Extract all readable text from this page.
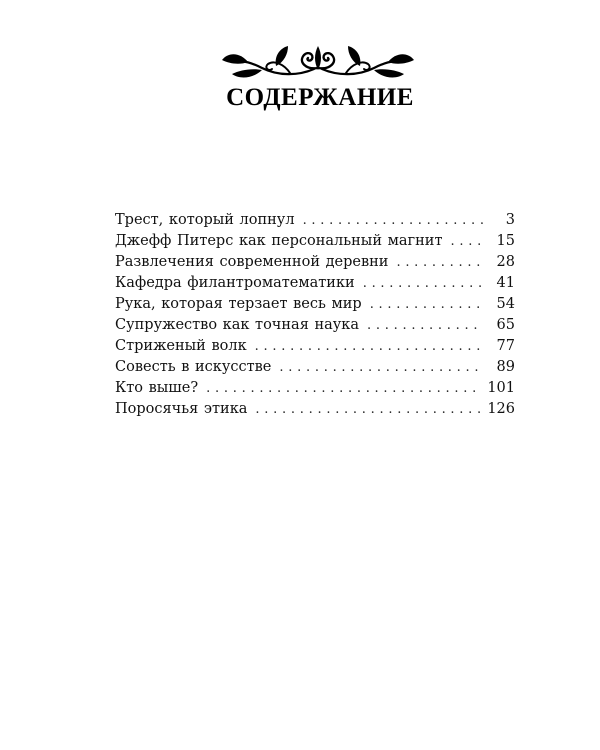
СОДЕРЖАНИЕ
Трест, который лопнул . . .	3
Джефф Питерс как персональный магнит . . .	15
Развлечения современной деревни . . .	28
Кафедра филантроматематики . . .	41
Рука, которая терзает весь мир . . .	54
Супружество как точная наука . . .	65
Стриженый волк . . .	77
Совесть в искусстве . . .	89
Кто выше? . . .	101
Поросячья этика . . .	126
